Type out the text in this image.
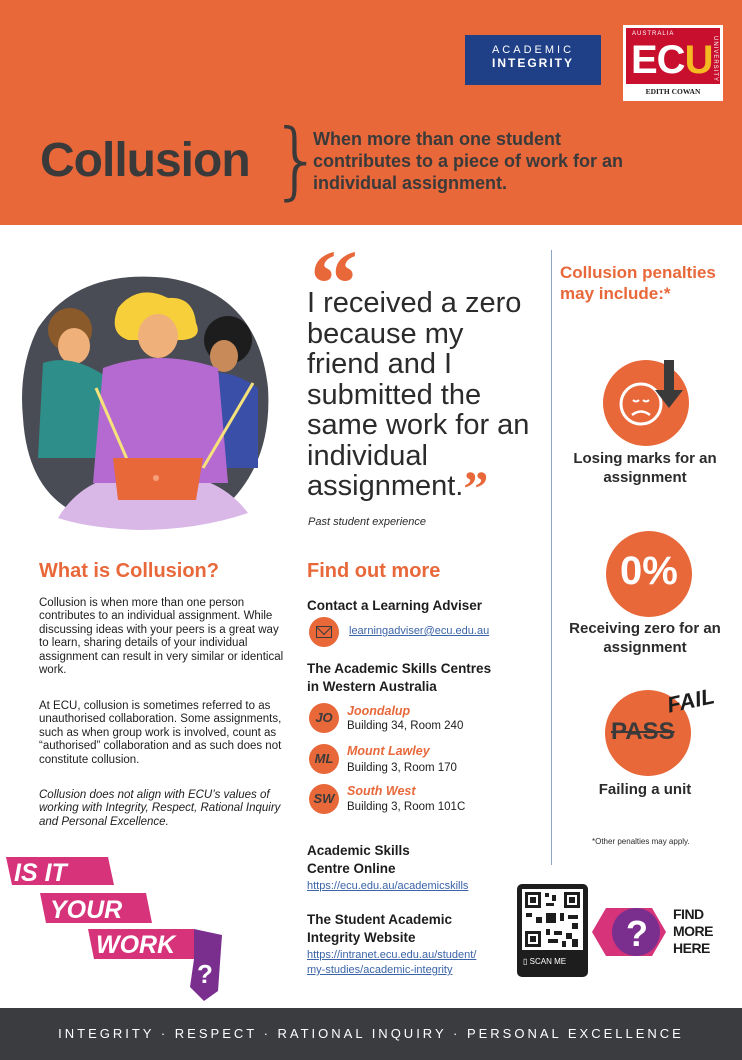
ACADEMIC
INTEGRITY
AUSTRALIA
ECU UNIVERSITY
EDITH COWAN
Collusion }
When more than one student contributes to a piece of work for an individual assignment.
“
I received a zero because my friend and I submitted the same work for an individual assignment.”
Past student experience
Collusion penalties may include:*
Losing marks for an assignment
0%
Receiving zero for an assignment
PASS
FAIL
Failing a unit
*Other penalties may apply.
What is Collusion?
Collusion is when more than one person contributes to an individual assignment. While discussing ideas with your peers is a great way to learn, sharing details of your individual assignment can result in very similar or identical work.
At ECU, collusion is sometimes referred to as unauthorised collaboration. Some assignments, such as when group work is involved, count as “authorised” collaboration and as such does not constitute collusion.
Collusion does not align with ECU’s values of working with Integrity, Respect, Rational Inquiry and Personal Excellence.
IS IT
YOUR
WORK
?
Find out more
Contact a Learning Adviser
learningadviser@ecu.edu.au
The Academic Skills Centres
in Western Australia
JO	Joondalup
Building 34, Room 240
ML	Mount Lawley
Building 3, Room 170
SW	South West
Building 3, Room 101C
Academic Skills
Centre Online
https://ecu.edu.au/academicskills
The Student Academic
Integrity Website
https://intranet.ecu.edu.au/student/
my-studies/academic-integrity
▯ SCAN ME
? FIND
MORE
HERE
INTEGRITY · RESPECT · RATIONAL INQUIRY · PERSONAL EXCELLENCE
